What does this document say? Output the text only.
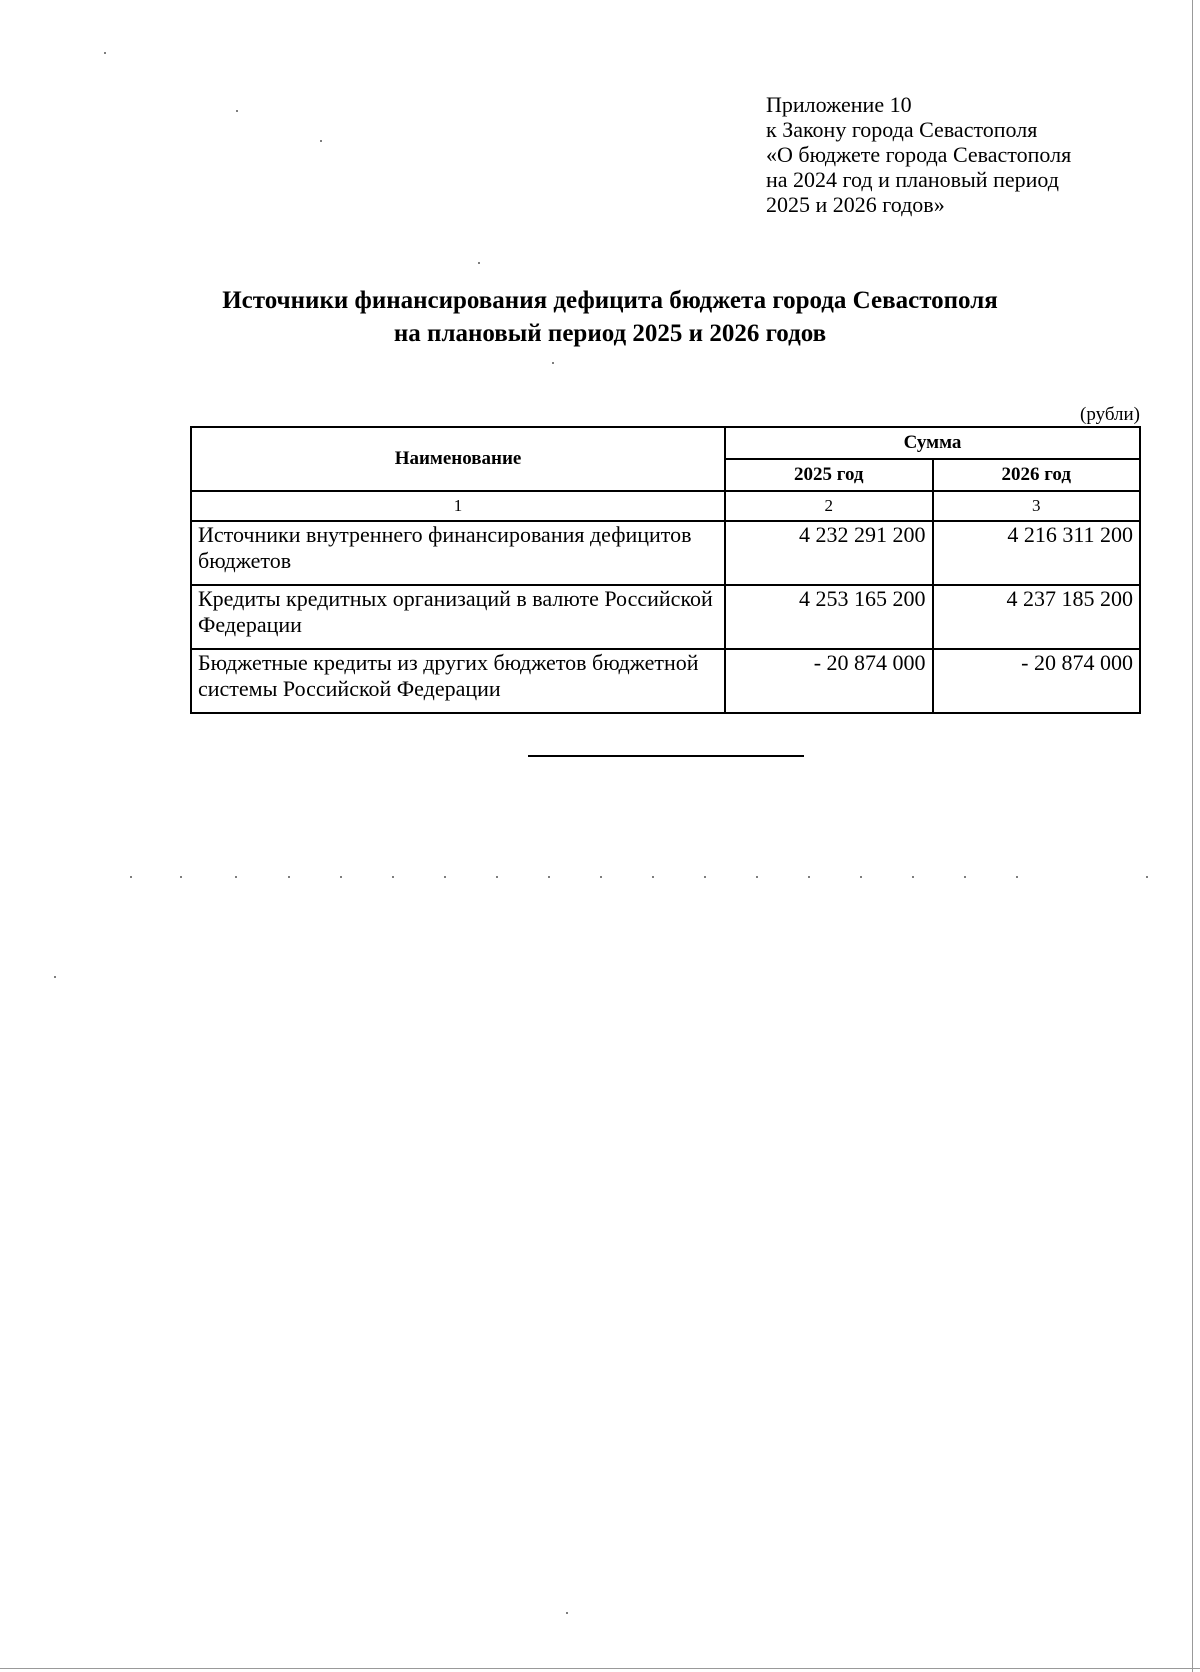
Приложение 10
к Закону города Севастополя
«О бюджете города Севастополя
на 2024 год и плановый период
2025 и 2026 годов»
Источники финансирования дефицита бюджета города Севастополя
на плановый период 2025 и 2026 годов
(рубли)
Наименование	Сумма	
	2025 год	2026 год
1	2	3
Источники внутреннего финансирования дефицитов бюджетов	4 232 291 200	4 216 311 200
Кредиты кредитных организаций в валюте Российской Федерации	4 253 165 200	4 237 185 200
Бюджетные кредиты из других бюджетов бюджетной системы Российской Федерации	- 20 874 000	- 20 874 000
